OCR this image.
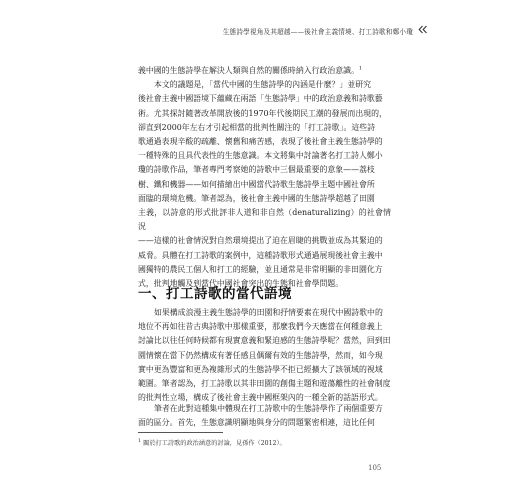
生態詩學視角及其超越——後社會主義情境、打工詩歌和鄭小瓊

義中國的生態詩學在解決人類與自然的關係時納入行政治意識。$^1$

本文的議題是，「當代中國的生態詩學的內涵是什麼？」並研究

後社會主義中國語境下蘊藏在兩語「生態詩學」中的政治意義和詩歌藝

術。尤其探討隨著改革開放後的1970年代後期民工潮的發展而出現的，

卻直到2000年左右才引起相當的批判性關注的「打工詩歌」。這些詩

歌通過表現辛酸的疏離、懷舊和痛苦感，表現了後社會主義生態詩學的

一種特殊的且具代表性的生態意識。本文將集中討論著名打工詩人鄭小

瓊的詩歌作品，筆者專門考察她的詩歌中三個最重要的意象——荔枝

樹、鐵和機器——如何描繪出中國當代詩歌生態詩學主題中國社會所

面臨的環境危機。筆者認為，後社會主義中國的生態詩學超越了田園

主義，以詩意的形式批評非人道和非自然（denaturalizing）的社會情況

——這樣的社會情況對自然環境提出了迫在眉睫的挑戰並成為其緊迫的

威脅。具體在打工詩歌的案例中，這種詩歌形式通過展現後社會主義中

國獨特的農民工個人和打工的經驗，並且通常是非常明顯的非田園化方

式，批判地觸及到當代中國社會突出的生態和社會學問題。

一、打工詩歌的當代語境

如果構成浪漫主義生態詩學的田園和抒情要素在現代中國詩歌中的

地位不再如往昔古典詩歌中那樣重要，那麼我們今天應當在何種意義上

討論比以往任何時候都有現實意義和緊迫感的生態詩學呢？當然，回到田

園情懷在當下仍然構成有著任感且偶爾有效的生態詩學，然而，如今現

實中更為豐富和更為複雜形式的生態詩學不拒已經擴大了該領域的視域

範圍。筆者認為，打工詩歌以其非田園的創傷主題和遊蕩離性的社會制度

的批判性立場，構成了後社會主義中國框架內的一種全新的話語形式。

筆者在此對這種集中體現在打工詩歌中的生態詩學作了兩個重要方

面的區分。首先，生態意識明顯地與身分的問題緊密相連，這比任何

$^1$ 關於打工詩歌的政治涵意的討論，見孫作（2012）。
105
